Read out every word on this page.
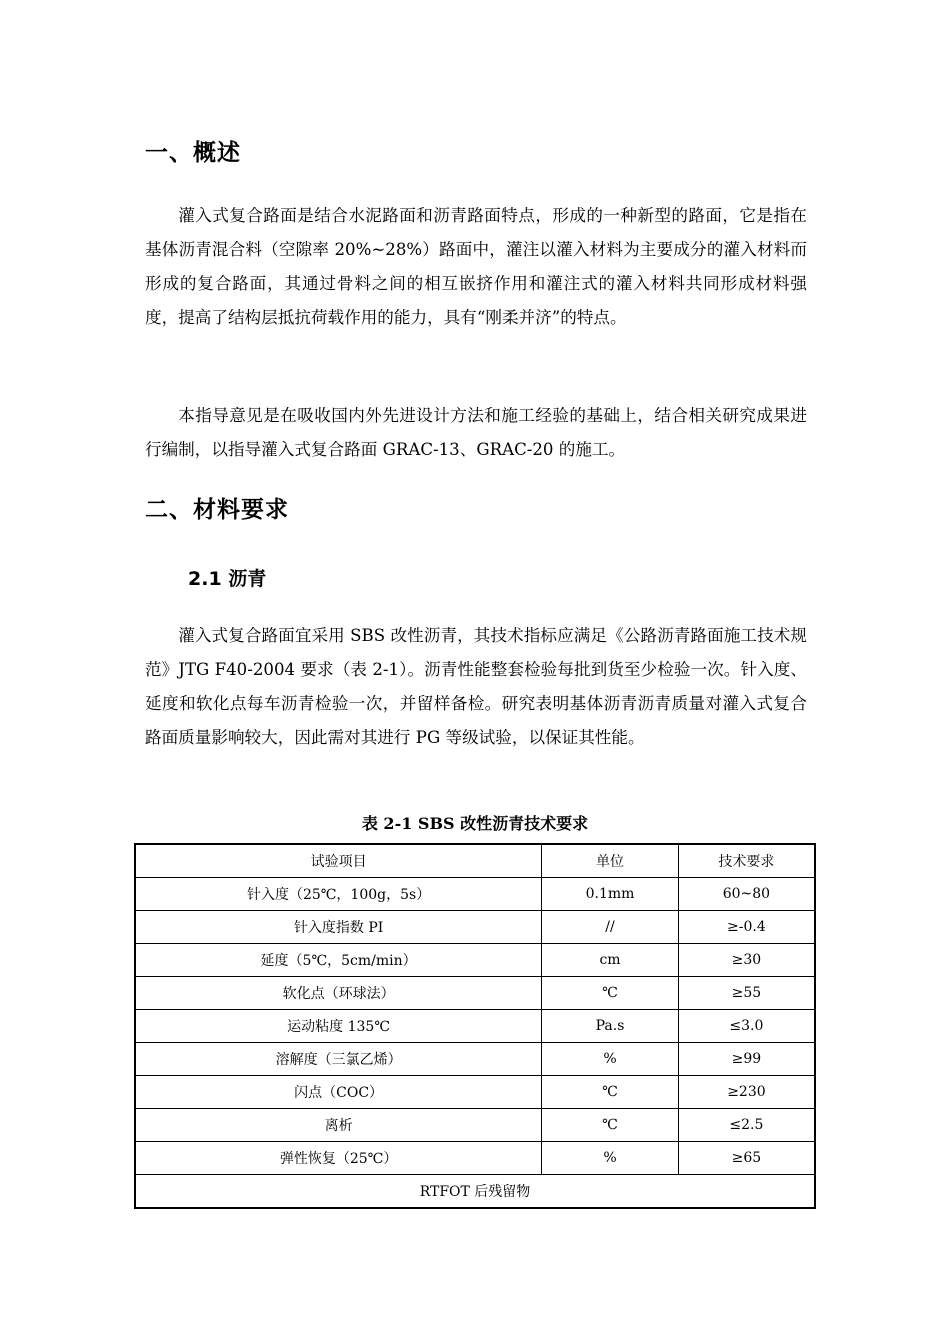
一、概述

灌入式复合路面是结合水泥路面和沥青路面特点，形成的一种新型的路面，它是指在基体沥青混合料（空隙率 20%~28%）路面中，灌注以灌入材料为主要成分的灌入材料而形成的复合路面，其通过骨料之间的相互嵌挤作用和灌注式的灌入材料共同形成材料强度，提高了结构层抵抗荷载作用的能力，具有“刚柔并济”的特点。

本指导意见是在吸收国内外先进设计方法和施工经验的基础上，结合相关研究成果进行编制，以指导灌入式复合路面 GRAC-13、GRAC-20 的施工。

二、材料要求
2.1 沥青

灌入式复合路面宜采用 SBS 改性沥青，其技术指标应满足《公路沥青路面施工技术规范》JTG F40-2004 要求（表 2-1）。沥青性能整套检验每批到货至少检验一次。针入度、延度和软化点每车沥青检验一次，并留样备检。研究表明基体沥青沥青质量对灌入式复合路面质量影响较大，因此需对其进行 PG 等级试验，以保证其性能。

表 2-1 SBS 改性沥青技术要求

试验项目	单位	技术要求
针入度（25℃，100g，5s）	0.1mm	60~80
针入度指数 PI	//	≥-0.4
延度（5℃，5cm/min）	cm	≥30
软化点（环球法）	℃	≥55
运动粘度 135℃	Pa.s	≤3.0
溶解度（三氯乙烯）	%	≥99
闪点（COC）	℃	≥230
离析	℃	≤2.5
弹性恢复（25℃）	%	≥65
RTFOT 后残留物		
